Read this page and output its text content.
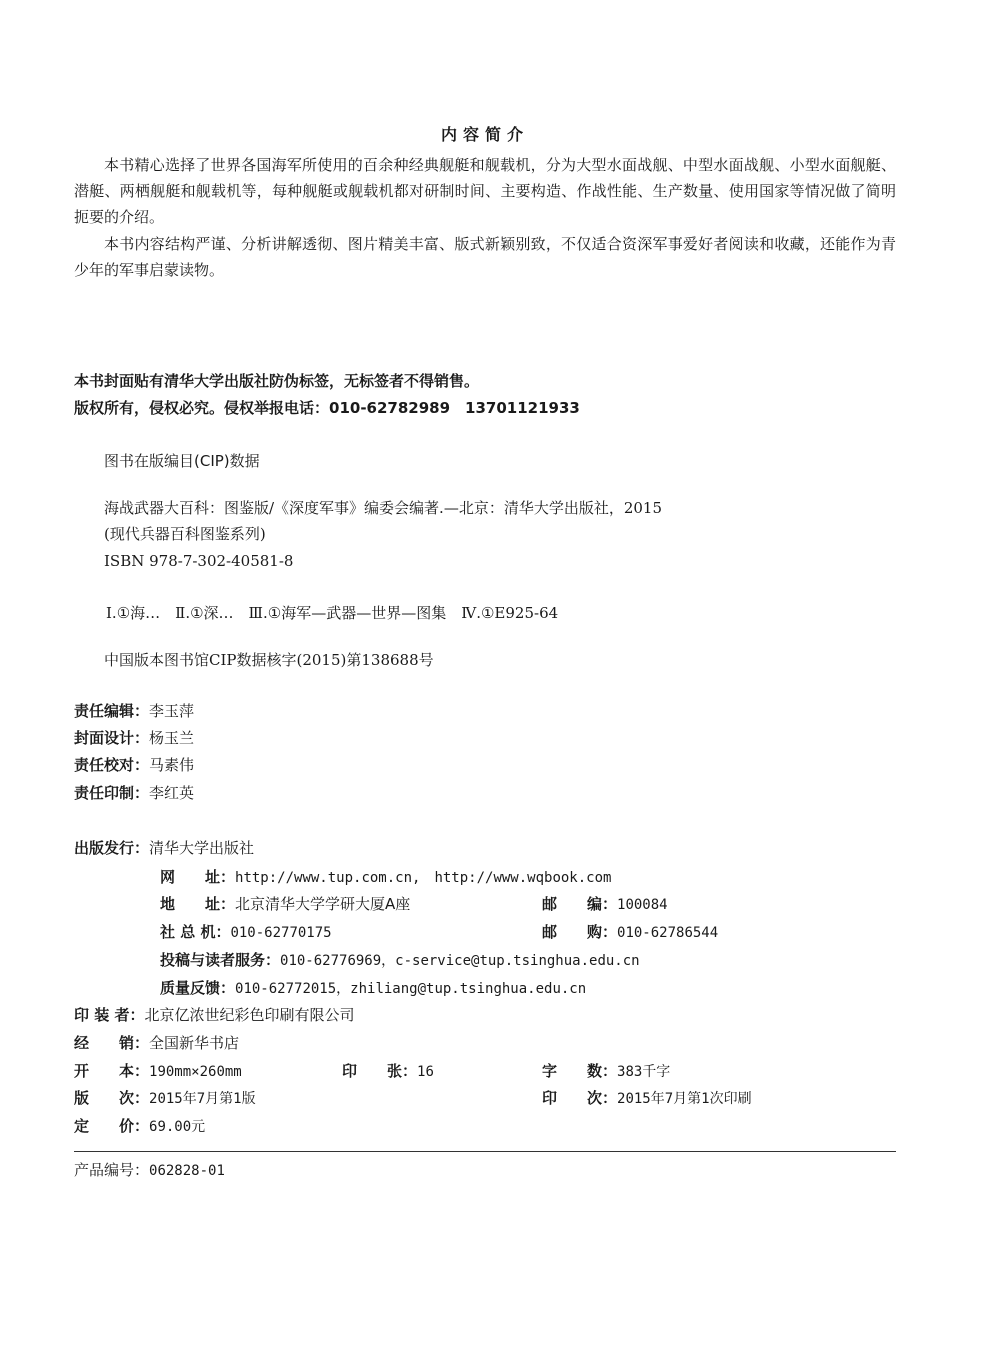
内容简介
本书精心选择了世界各国海军所使用的百余种经典舰艇和舰载机，分为大型水面战舰、中型水面战舰、小型水面舰艇、潜艇、两栖舰艇和舰载机等，每种舰艇或舰载机都对研制时间、主要构造、作战性能、生产数量、使用国家等情况做了简明扼要的介绍。
本书内容结构严谨、分析讲解透彻、图片精美丰富、版式新颖别致，不仅适合资深军事爱好者阅读和收藏，还能作为青少年的军事启蒙读物。
本书封面贴有清华大学出版社防伪标签，无标签者不得销售。
版权所有，侵权必究。侵权举报电话：010-62782989　13701121933
图书在版编目(CIP)数据
海战武器大百科：图鉴版/《深度军事》编委会编著.—北京：清华大学出版社，2015
(现代兵器百科图鉴系列)
ISBN 978-7-302-40581-8
Ⅰ.①海…　Ⅱ.①深…　Ⅲ.①海军—武器—世界—图集　Ⅳ.①E925-64
中国版本图书馆CIP数据核字(2015)第138688号
责任编辑：李玉萍
封面设计：杨玉兰
责任校对：马素伟
责任印制：李红英
出版发行：清华大学出版社
网　　址：http://www.tup.com.cn,　http://www.wqbook.com
地　　址：北京清华大学学研大厦A座	邮　　编：100084
社 总 机：010-62770175	邮　　购：010-62786544
投稿与读者服务：010-62776969，c-service@tup.tsinghua.edu.cn
质量反馈：010-62772015，zhiliang@tup.tsinghua.edu.cn
印 装 者：北京亿浓世纪彩色印刷有限公司
经　　销：全国新华书店
开　　本：190mm×260mm	印　　张：16	字　　数：383千字
版　　次：2015年7月第1版	印　　次：2015年7月第1次印刷
定　　价：69.00元
产品编号：062828-01
